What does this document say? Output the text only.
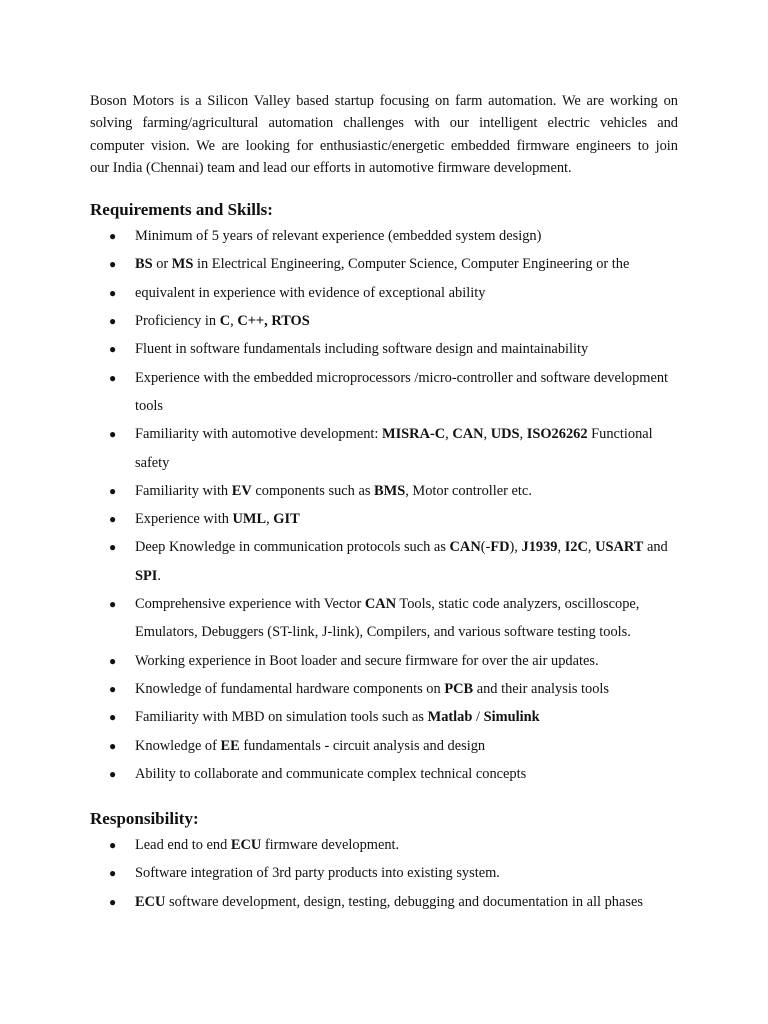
Boson Motors is a Silicon Valley based startup focusing on farm automation. We are working on
solving farming/agricultural automation challenges with our intelligent electric vehicles and
computer vision. We are looking for enthusiastic/energetic embedded firmware engineers to join
our India (Chennai) team and lead our efforts in automotive firmware development.

Requirements and Skills:
● Minimum of 5 years of relevant experience (embedded system design)
● BS or MS in Electrical Engineering, Computer Science, Computer Engineering or the
● equivalent in experience with evidence of exceptional ability
● Proficiency in C, C++, RTOS
● Fluent in software fundamentals including software design and maintainability
● Experience with the embedded microprocessors /micro-controller and software development tools
● Familiarity with automotive development: MISRA-C, CAN, UDS, ISO26262 Functional safety
● Familiarity with EV components such as BMS, Motor controller etc.
● Experience with UML, GIT
● Deep Knowledge in communication protocols such as CAN(-FD), J1939, I2C, USART and SPI.
● Comprehensive experience with Vector CAN Tools, static code analyzers, oscilloscope, Emulators, Debuggers (ST-link, J-link), Compilers, and various software testing tools.
● Working experience in Boot loader and secure firmware for over the air updates.
● Knowledge of fundamental hardware components on PCB and their analysis tools
● Familiarity with MBD on simulation tools such as Matlab / Simulink
● Knowledge of EE fundamentals - circuit analysis and design
● Ability to collaborate and communicate complex technical concepts
Responsibility:
● Lead end to end ECU firmware development.
● Software integration of 3rd party products into existing system.
● ECU software development, design, testing, debugging and documentation in all phases
